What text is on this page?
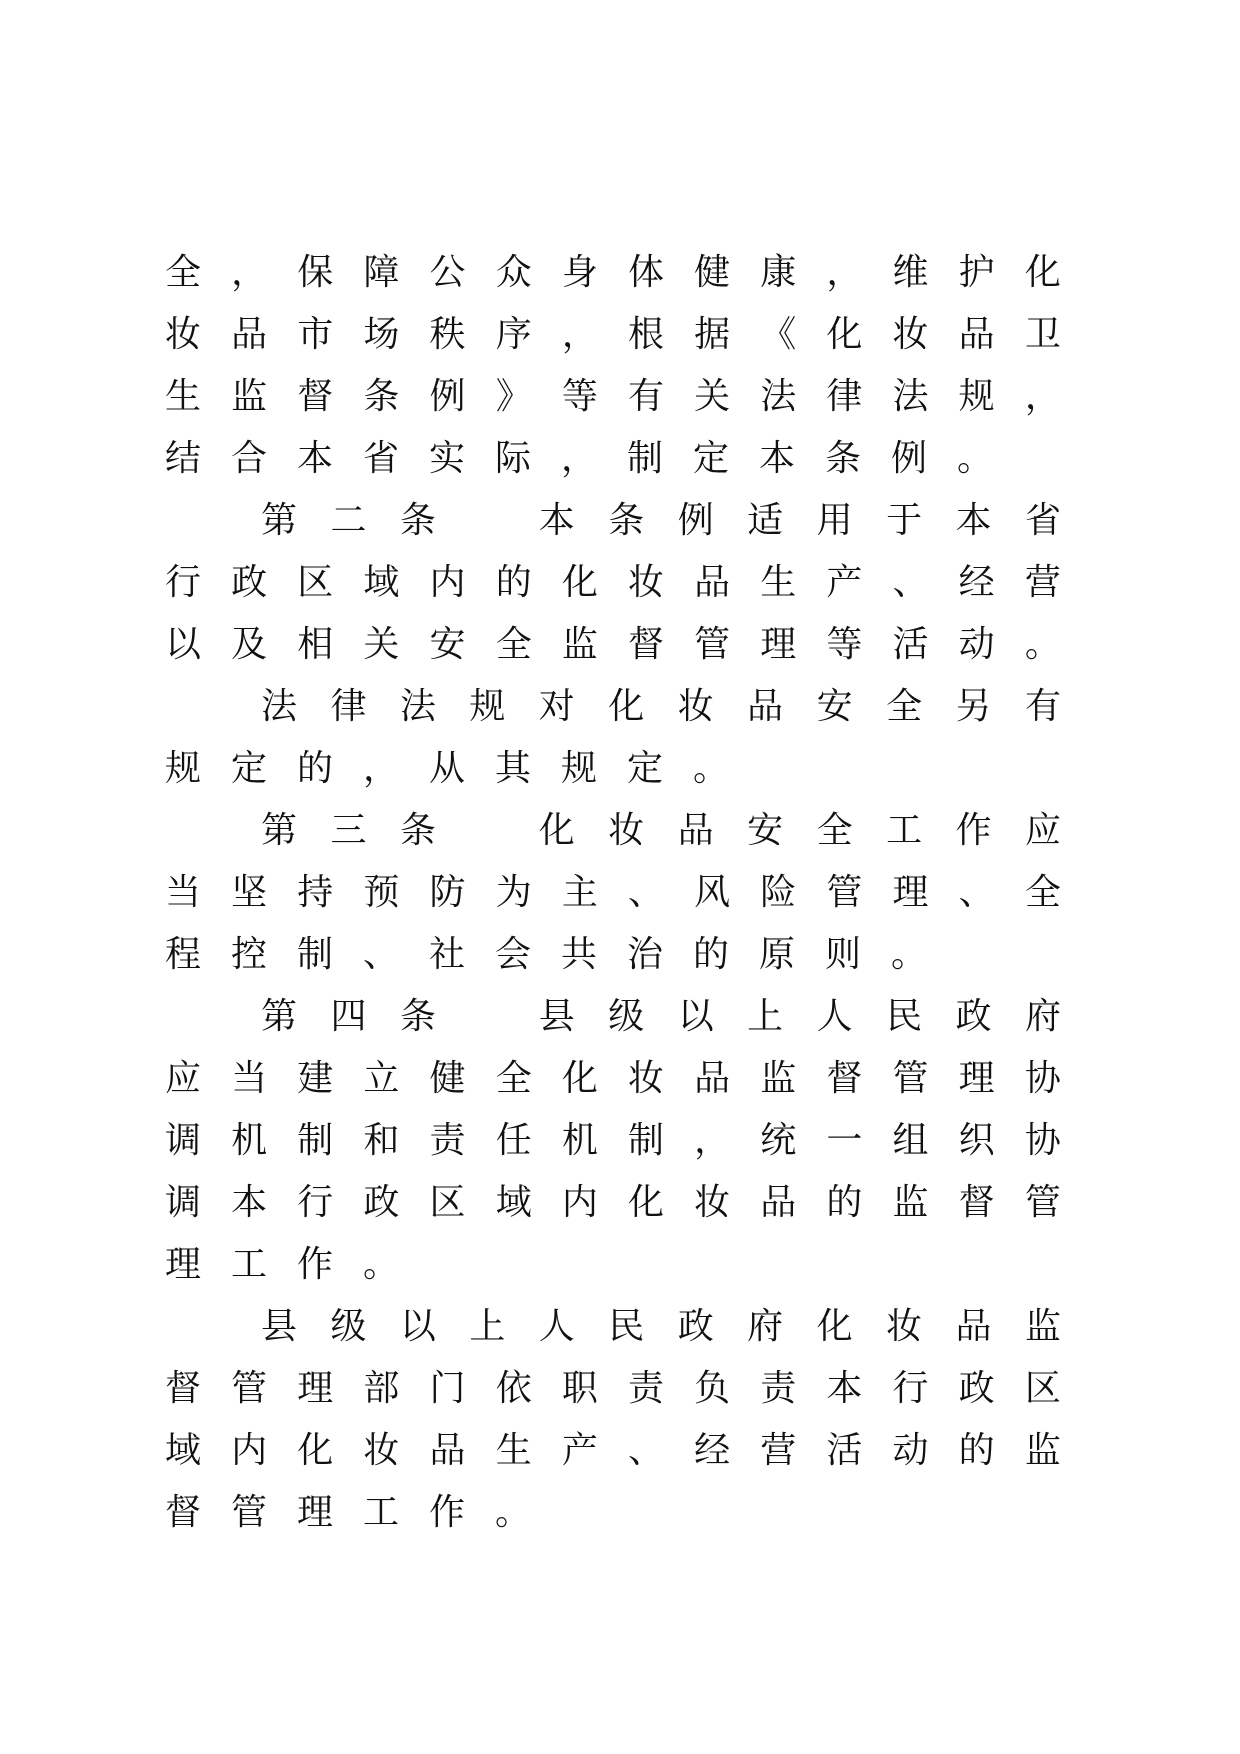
全 ， 保 障 公 众 身 体 健 康 ， 维 护 化
妆 品 市 场 秩 序 ， 根 据 《 化 妆 品 卫
生 监 督 条 例 》 等 有 关 法 律 法 规 ，
结 合 本 省 实 际 ， 制 定 本 条 例 。
第 二 条
	本 条 例 适 用 于 本 省
行 政 区 域 内 的 化 妆 品 生 产 、 经 营
以 及 相 关 安 全 监 督 管 理 等 活 动 。
法 律 法 规 对 化 妆 品 安 全 另 有
规 定 的 ， 从 其 规 定 。
第 三 条
	化 妆 品 安 全 工 作 应
当 坚 持 预 防 为 主 、 风 险 管 理 、 全
程 控 制 、 社 会 共 治 的 原 则 。
第 四 条
	县 级 以 上 人 民 政 府
应 当 建 立 健 全 化 妆 品 监 督 管 理 协
调 机 制 和 责 任 机 制 ， 统 一 组 织 协
调 本 行 政 区 域 内 化 妆 品 的 监 督 管
理 工 作 。
县 级 以 上 人 民 政 府 化 妆 品 监
督 管 理 部 门 依 职 责 负 责 本 行 政 区
域 内 化 妆 品 生 产 、 经 营 活 动 的 监
督 管 理 工 作 。
